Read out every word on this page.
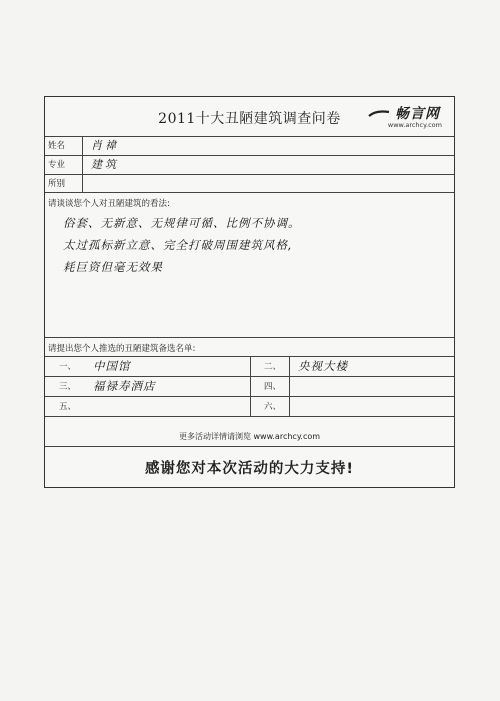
2011十大丑陋建筑调查问卷	畅言网
www.archcy.com
姓名	肖禕
专业	建筑
所别
请谈谈您个人对丑陋建筑的看法:
俗套、无新意、无规律可循、比例不协调。
太过孤标新立意、完全打破周围建筑风格,
耗巨资但毫无效果
请提出您个人推选的丑陋建筑备选名单:
一、 中国馆	二、 央视大楼
三、 福禄寿酒店	四、
五、	六、
更多活动详情请浏览 www.archcy.com
感谢您对本次活动的大力支持!
